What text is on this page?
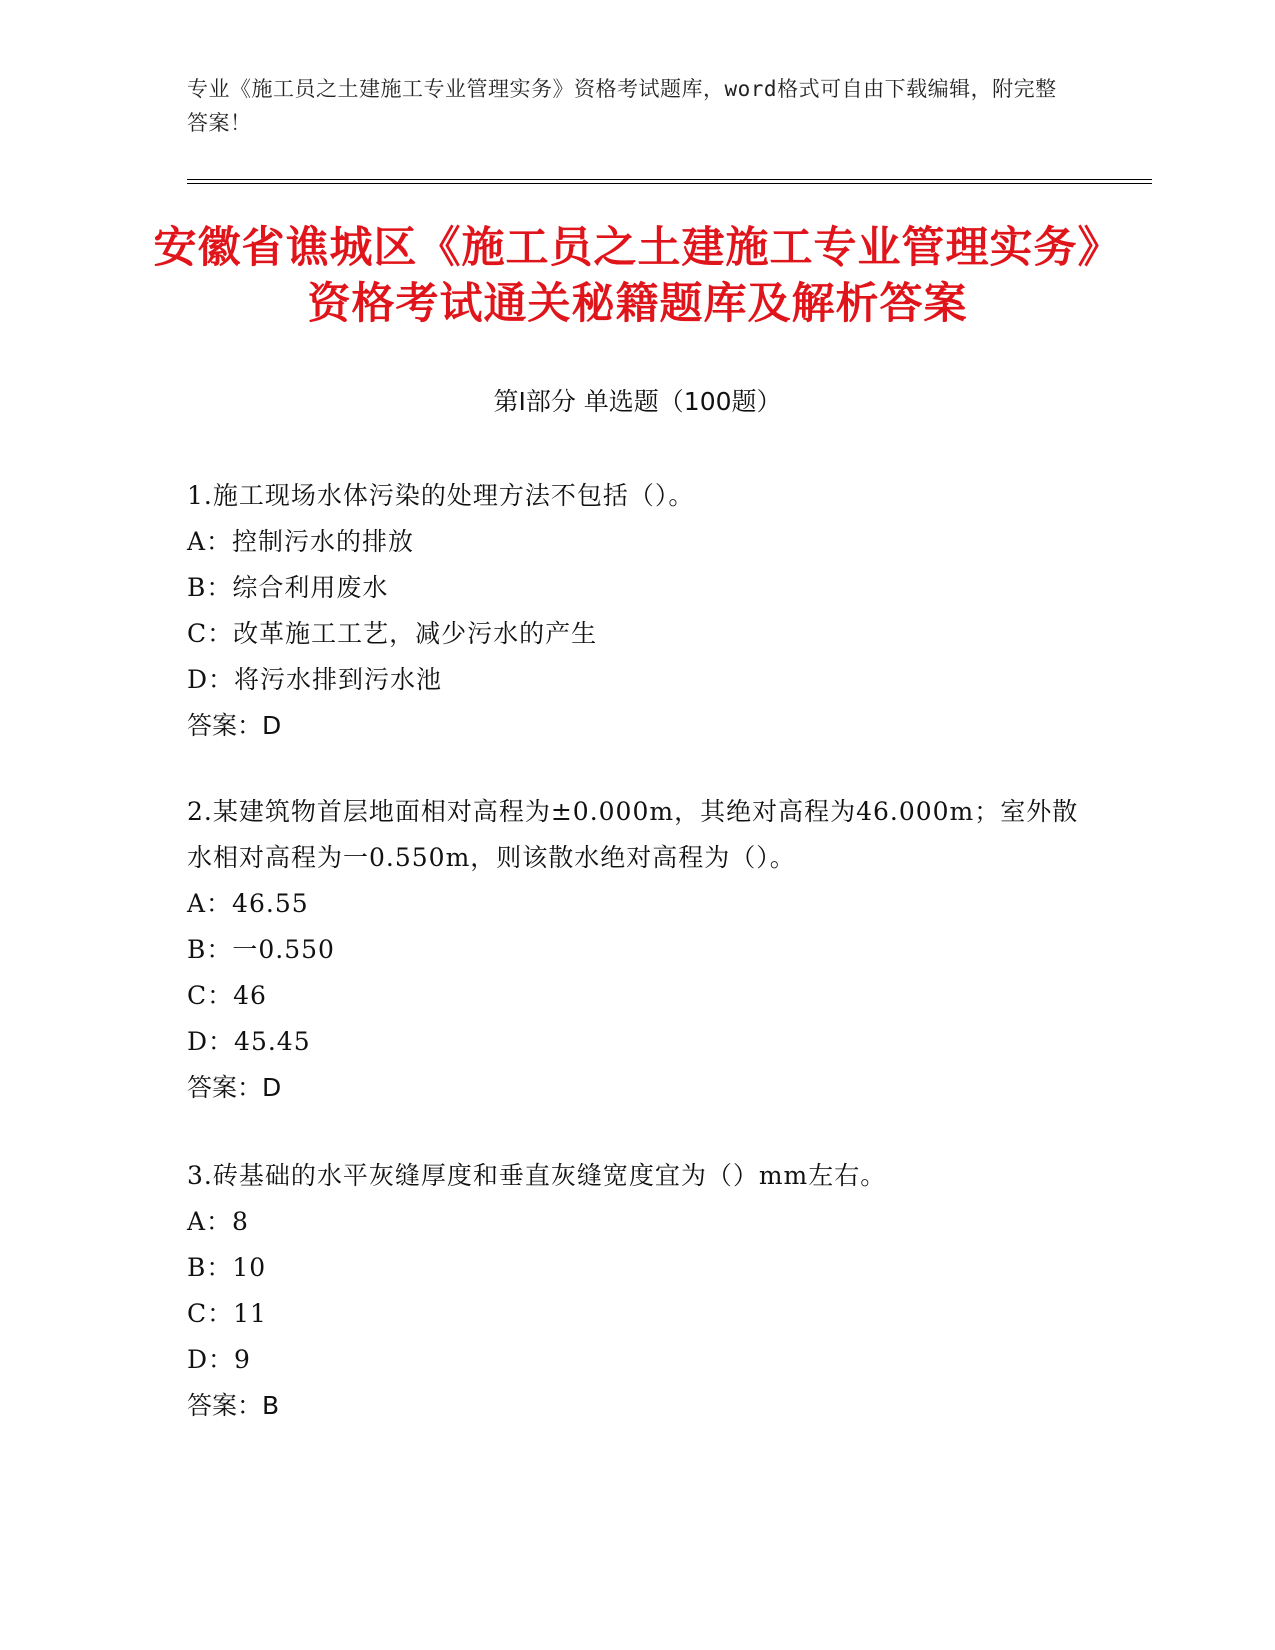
专业《施工员之土建施工专业管理实务》资格考试题库，word格式可自由下载编辑，附完整答案！
安徽省谯城区《施工员之土建施工专业管理实务》资格考试通关秘籍题库及解析答案
第Ⅰ部分 单选题（100题）

1.施工现场水体污染的处理方法不包括（）。

A：控制污水的排放

B：综合利用废水

C：改革施工工艺，减少污水的产生

D：将污水排到污水池

答案：D

2.某建筑物首层地面相对高程为±0.000m，其绝对高程为46.000m；室外散水相对高程为一0.550m，则该散水绝对高程为（）。

A：46.55

B：一0.550

C：46

D：45.45

答案：D

3.砖基础的水平灰缝厚度和垂直灰缝宽度宜为（）mm左右。

A：8

B：10

C：11

D：9

答案：B
